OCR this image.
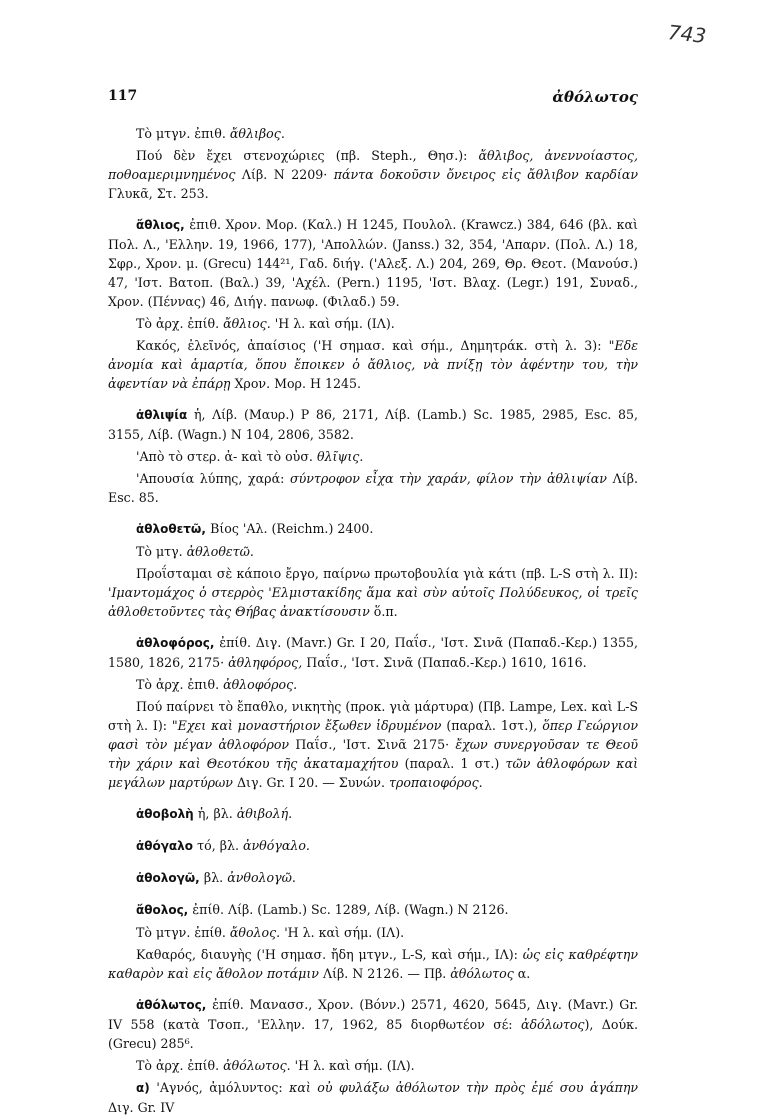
743
117	ἀθόλωτος

Τὸ μτγν. ἐπιθ. ἄθλιβος.

Πού δὲν ἔχει στενοχώριες (πβ. Steph., Θησ.): ἄθλιβος, ἀνεννοίαστος, ποθοαμεριμνημένος Λίβ. N 2209· πάντα δοκοῦσιν ὄνειρος εἰς ἄθλιβον καρδίαν Γλυκᾶ, Στ. 253.

ἄθλιος, ἐπιθ. Χρον. Μορ. (Καλ.) H 1245, Πουλολ. (Krawcz.) 384, 646 (βλ. καὶ Πολ. Λ., 'Ελλην. 19, 1966, 177), 'Απολλών. (Janss.) 32, 354, 'Απαρν. (Πολ. Λ.) 18, Σφρ., Χρον. μ. (Grecu) 144²¹, Γαδ. διήγ. ('Αλεξ. Λ.) 204, 269, Θρ. Θεοτ. (Μανούσ.) 47, 'Ιστ. Βατοπ. (Βαλ.) 39, 'Αχέλ. (Pern.) 1195, 'Ιστ. Βλαχ. (Legr.) 191, Συναδ., Χρον. (Πέννας) 46, Διήγ. πανωφ. (Φιλαδ.) 59.

Τὸ ἀρχ. ἐπίθ. ἄθλιος. 'Η λ. καὶ σήμ. (ΙΛ).

Κακός, ἐλεῖνός, ἀπαίσιος ('Η σημασ. καὶ σήμ., Δημητράκ. στὴ λ. 3): "Εδε ἀνομία καὶ ἁμαρτία, ὅπου ἔποικεν ὁ ἄθλιος, νὰ πνίξῃ τὸν ἀφέντην του, τὴν ἀφεντίαν νὰ ἐπάρῃ Χρον. Μορ. H 1245.

ἀθλιψία ἡ, Λίβ. (Μαυρ.) P 86, 2171, Λίβ. (Lamb.) Sc. 1985, 2985, Esc. 85, 3155, Λίβ. (Wagn.) N 104, 2806, 3582.

'Απὸ τὸ στερ. ἀ- καὶ τὸ οὐσ. θλῖψις.

'Απουσία λύπης, χαρά: σύντροφον εἶχα τὴν χαράν, φίλον τὴν ἀθλιψίαν Λίβ. Esc. 85.

ἀθλοθετῶ, Βίος 'Αλ. (Reichm.) 2400.

Τὸ μτγ. ἀθλοθετῶ.

Προΐσταμαι σὲ κάποιο ἔργο, παίρνω πρωτοβουλία γιὰ κάτι (πβ. L-S στὴ λ. II): 'Ιμαντομάχος ὁ στερρὸς 'Ελμιστακίδης ἅμα καὶ σὺν αὐτοῖς Πολύδευκος, οἱ τρεῖς ἀθλοθετοῦντες τὰς Θήβας ἀνακτίσουσιν ὅ.π.

ἀθλοφόρος, ἐπίθ. Διγ. (Mavr.) Gr. I 20, Παΐσ., 'Ιστ. Σινᾶ (Παπαδ.-Κερ.) 1355, 1580, 1826, 2175· ἀθληφόρος, Παΐσ., 'Ιστ. Σινᾶ (Παπαδ.-Κερ.) 1610, 1616.

Τὸ ἀρχ. ἐπιθ. ἀθλοφόρος.

Πού παίρνει τὸ ἔπαθλο, νικητὴς (προκ. γιὰ μάρτυρα) (Πβ. Lampe, Lex. καὶ L-S στὴ λ. I): "Εχει καὶ μοναστήριον ἔξωθεν ἱδρυμένον (παραλ. 1στ.), ὅπερ Γεώργιον φασὶ τὸν μέγαν ἀθλοφόρον Παΐσ., 'Ιστ. Σινᾶ 2175· ἔχων συνεργοῦσαν τε Θεοῦ τὴν χάριν καὶ Θεοτόκου τῆς ἀκαταμαχήτου (παραλ. 1 στ.) τῶν ἀθλοφόρων καὶ μεγάλων μαρτύρων Διγ. Gr. I 20. — Συνών. τροπαιοφόρος.

ἀθοβολὴ ἡ, βλ. ἀθιβολή.

ἀθόγαλο τό, βλ. ἀνθόγαλο.

ἀθολογῶ, βλ. ἀνθολογῶ.

ἄθολος, ἐπίθ. Λίβ. (Lamb.) Sc. 1289, Λίβ. (Wagn.) N 2126.

Τὸ μτγν. ἐπίθ. ἄθολος. 'Η λ. καὶ σήμ. (ΙΛ).

Καθαρός, διαυγὴς ('Η σημασ. ἤδη μτγν., L-S, καὶ σήμ., ΙΛ): ὡς εἰς καθρέφτην καθαρὸν καὶ εἰς ἄθολον ποτάμιν Λίβ. N 2126. — Πβ. ἀθόλωτος α.

ἀθόλωτος, ἐπίθ. Μανασσ., Χρον. (Βόνν.) 2571, 4620, 5645, Διγ. (Mavr.) Gr. IV 558 (κατὰ Τσοπ., 'Ελλην. 17, 1962, 85 διορθωτέον σέ: ἀδόλωτος), Δούκ. (Grecu) 285⁶.

Τὸ ἀρχ. ἐπίθ. ἀθόλωτος. 'Η λ. καὶ σήμ. (ΙΛ).

α) 'Αγνός, ἀμόλυντος: καὶ οὐ φυλάξω ἀθόλωτον τὴν πρὸς ἐμέ σου ἀγάπην Διγ. Gr. IV
